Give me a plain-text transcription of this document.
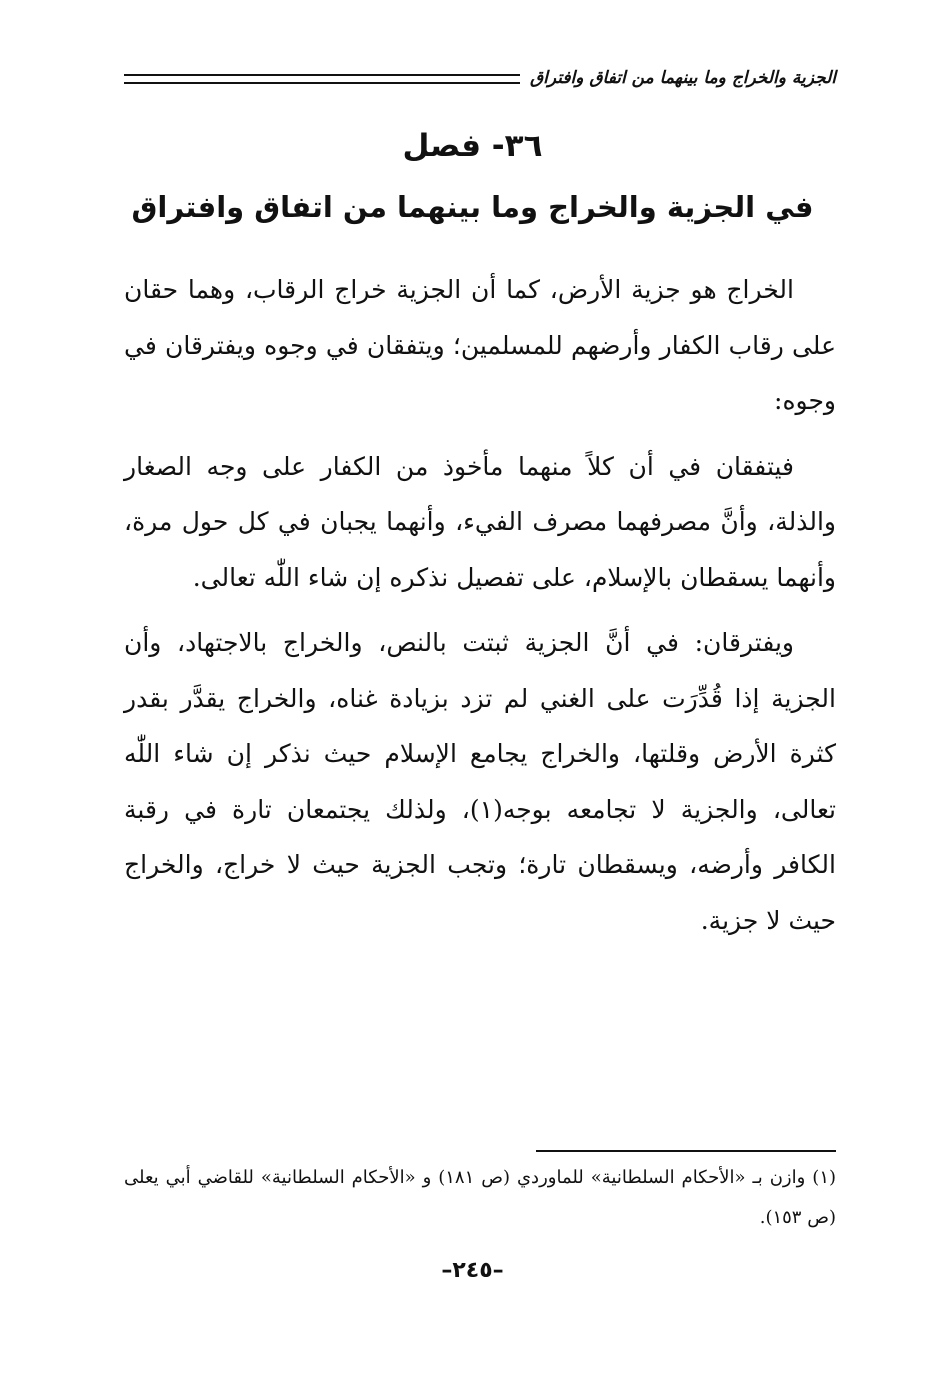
الجزية والخراج وما بينهما من اتفاق وافتراق
٣٦- فصل
في الجزية والخراج وما بينهما من اتفاق وافتراق

الخراج هو جزية الأرض، كما أن الجزية خراج الرقاب، وهما حقان على رقاب الكفار وأرضهم للمسلمين؛ ويتفقان في وجوه ويفترقان في وجوه:

فيتفقان في أن كلاً منهما مأخوذ من الكفار على وجه الصغار والذلة، وأنَّ مصرفهما مصرف الفيء، وأنهما يجبان في كل حول مرة، وأنهما يسقطان بالإسلام، على تفصيل نذكره إن شاء اللّٰه تعالى.

ويفترقان: في أنَّ الجزية ثبتت بالنص، والخراج بالاجتهاد، وأن الجزية إذا قُدِّرَت على الغني لم تزد بزيادة غناه، والخراج يقدَّر بقدر كثرة الأرض وقلتها، والخراج يجامع الإسلام حيث نذكر إن شاء اللّٰه تعالى، والجزية لا تجامعه بوجه(١)، ولذلك يجتمعان تارة في رقبة الكافر وأرضه، ويسقطان تارة؛ وتجب الجزية حيث لا خراج، والخراج حيث لا جزية.

(١) وازن بـ «الأحكام السلطانية» للماوردي (ص ١٨١) و «الأحكام السلطانية» للقاضي أبي يعلى (ص ١٥٣).
–٢٤٥–
